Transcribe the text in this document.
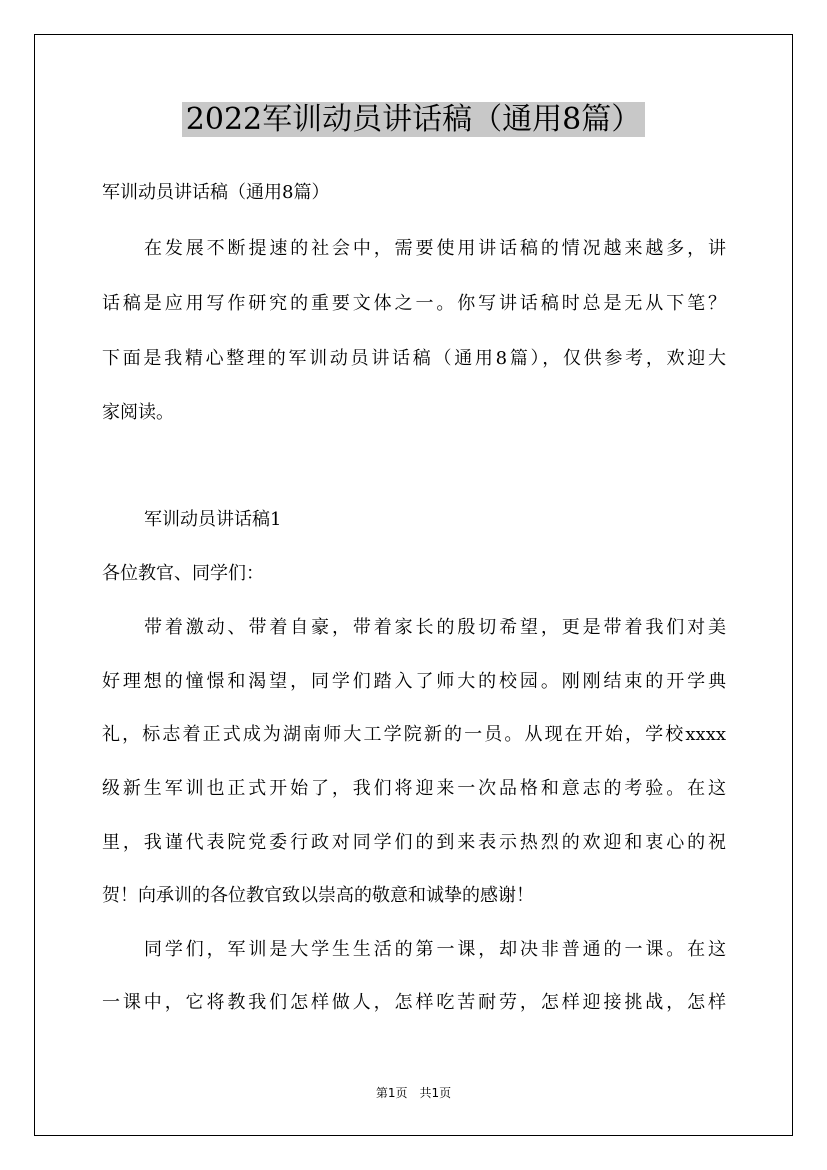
2022军训动员讲话稿（通用8篇）
军训动员讲话稿（通用8篇）
在发展不断提速的社会中，需要使用讲话稿的情况越来越多，讲
话稿是应用写作研究的重要文体之一。你写讲话稿时总是无从下笔？
下面是我精心整理的军训动员讲话稿（通用8篇），仅供参考，欢迎大
家阅读。
军训动员讲话稿1
各位教官、同学们：
带着激动、带着自豪，带着家长的殷切希望，更是带着我们对美
好理想的憧憬和渴望，同学们踏入了师大的校园。刚刚结束的开学典
礼，标志着正式成为湖南师大工学院新的一员。从现在开始，学校xxxx
级新生军训也正式开始了，我们将迎来一次品格和意志的考验。在这
里，我谨代表院党委行政对同学们的到来表示热烈的欢迎和衷心的祝
贺！向承训的各位教官致以崇高的敬意和诚挚的感谢！
同学们，军训是大学生生活的第一课，却决非普通的一课。在这
一课中，它将教我们怎样做人，怎样吃苦耐劳，怎样迎接挑战，怎样
第1页　共1页
